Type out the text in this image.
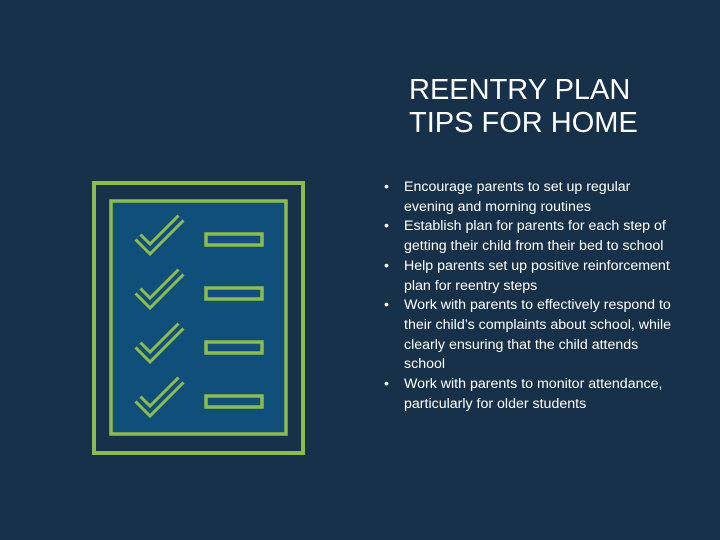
REENTRY PLAN
TIPS FOR HOME
• Encourage parents to set up regular evening and morning routines
• Establish plan for parents for each step of getting their child from their bed to school
• Help parents set up positive reinforcement plan for reentry steps
• Work with parents to effectively respond to their child’s complaints about school, while clearly ensuring that the child attends school
• Work with parents to monitor attendance, particularly for older students
